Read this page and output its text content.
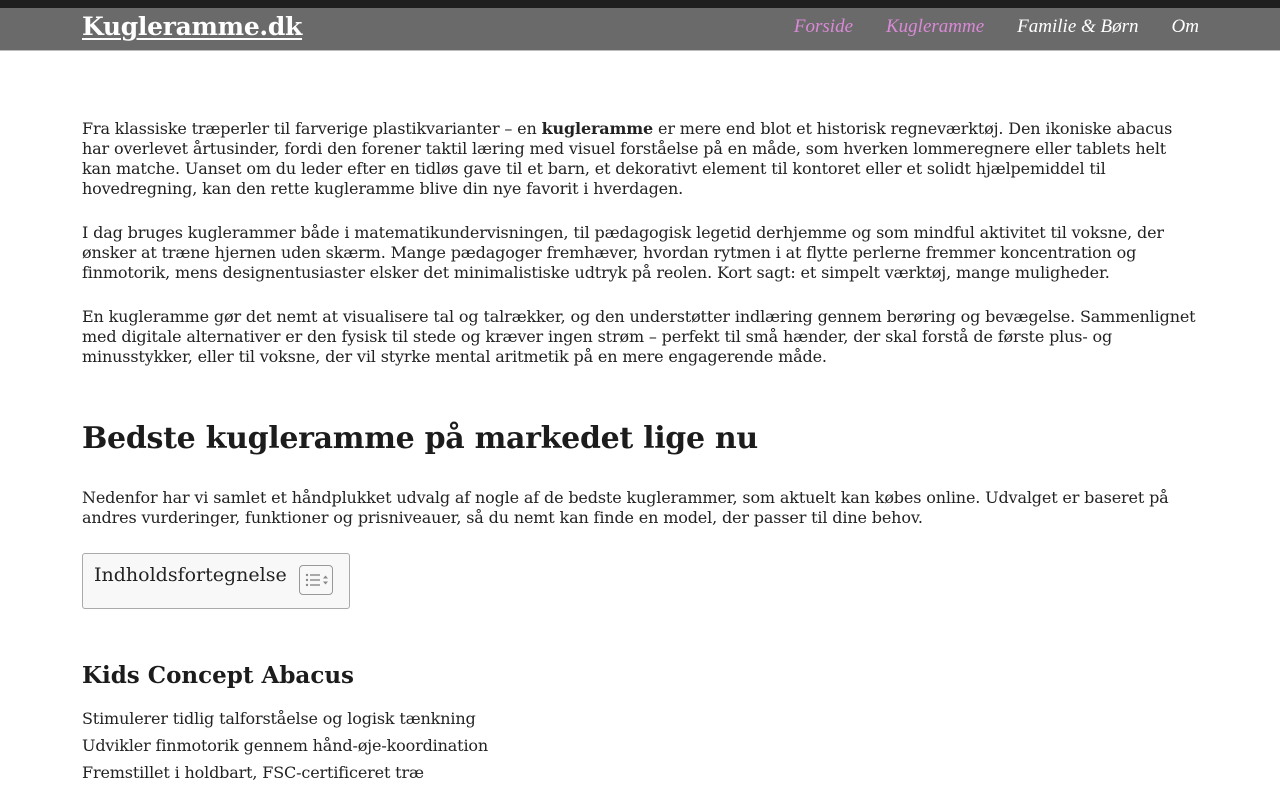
Kugleramme.dk	Forside Kugleramme Familie & Børn Om

Fra klassiske træperler til farverige plastikvarianter – en kugleramme er mere end blot et historisk regneværktøj. Den ikoniske abacus har overlevet årtusinder, fordi den forener taktil læring med visuel forståelse på en måde, som hverken lommeregnere eller tablets helt kan matche. Uanset om du leder efter en tidløs gave til et barn, et dekorativt element til kontoret eller et solidt hjælpemiddel til hovedregning, kan den rette kugleramme blive din nye favorit i hverdagen.

I dag bruges kuglerammer både i matematikundervisningen, til pædagogisk legetid derhjemme og som mindful aktivitet til voksne, der ønsker at træne hjernen uden skærm. Mange pædagoger fremhæver, hvordan rytmen i at flytte perlerne fremmer koncentration og finmotorik, mens designentusiaster elsker det minimalistiske udtryk på reolen. Kort sagt: et simpelt værktøj, mange muligheder.

En kugleramme gør det nemt at visualisere tal og talrækker, og den understøtter indlæring gennem berøring og bevægelse. Sammenlignet med digitale alternativer er den fysisk til stede og kræver ingen strøm – perfekt til små hænder, der skal forstå de første plus- og minusstykker, eller til voksne, der vil styrke mental aritmetik på en mere engagerende måde.

Bedste kugleramme på markedet lige nu

Nedenfor har vi samlet et håndplukket udvalg af nogle af de bedste kuglerammer, som aktuelt kan købes online. Udvalget er baseret på andres vurderinger, funktioner og prisniveauer, så du nemt kan finde en model, der passer til dine behov.

Indholdsfortegnelse
Kids Concept Abacus
Stimulerer tidlig talforståelse og logisk tænkning
Udvikler finmotorik gennem hånd-øje-koordination
Fremstillet i holdbart, FSC-certificeret træ
